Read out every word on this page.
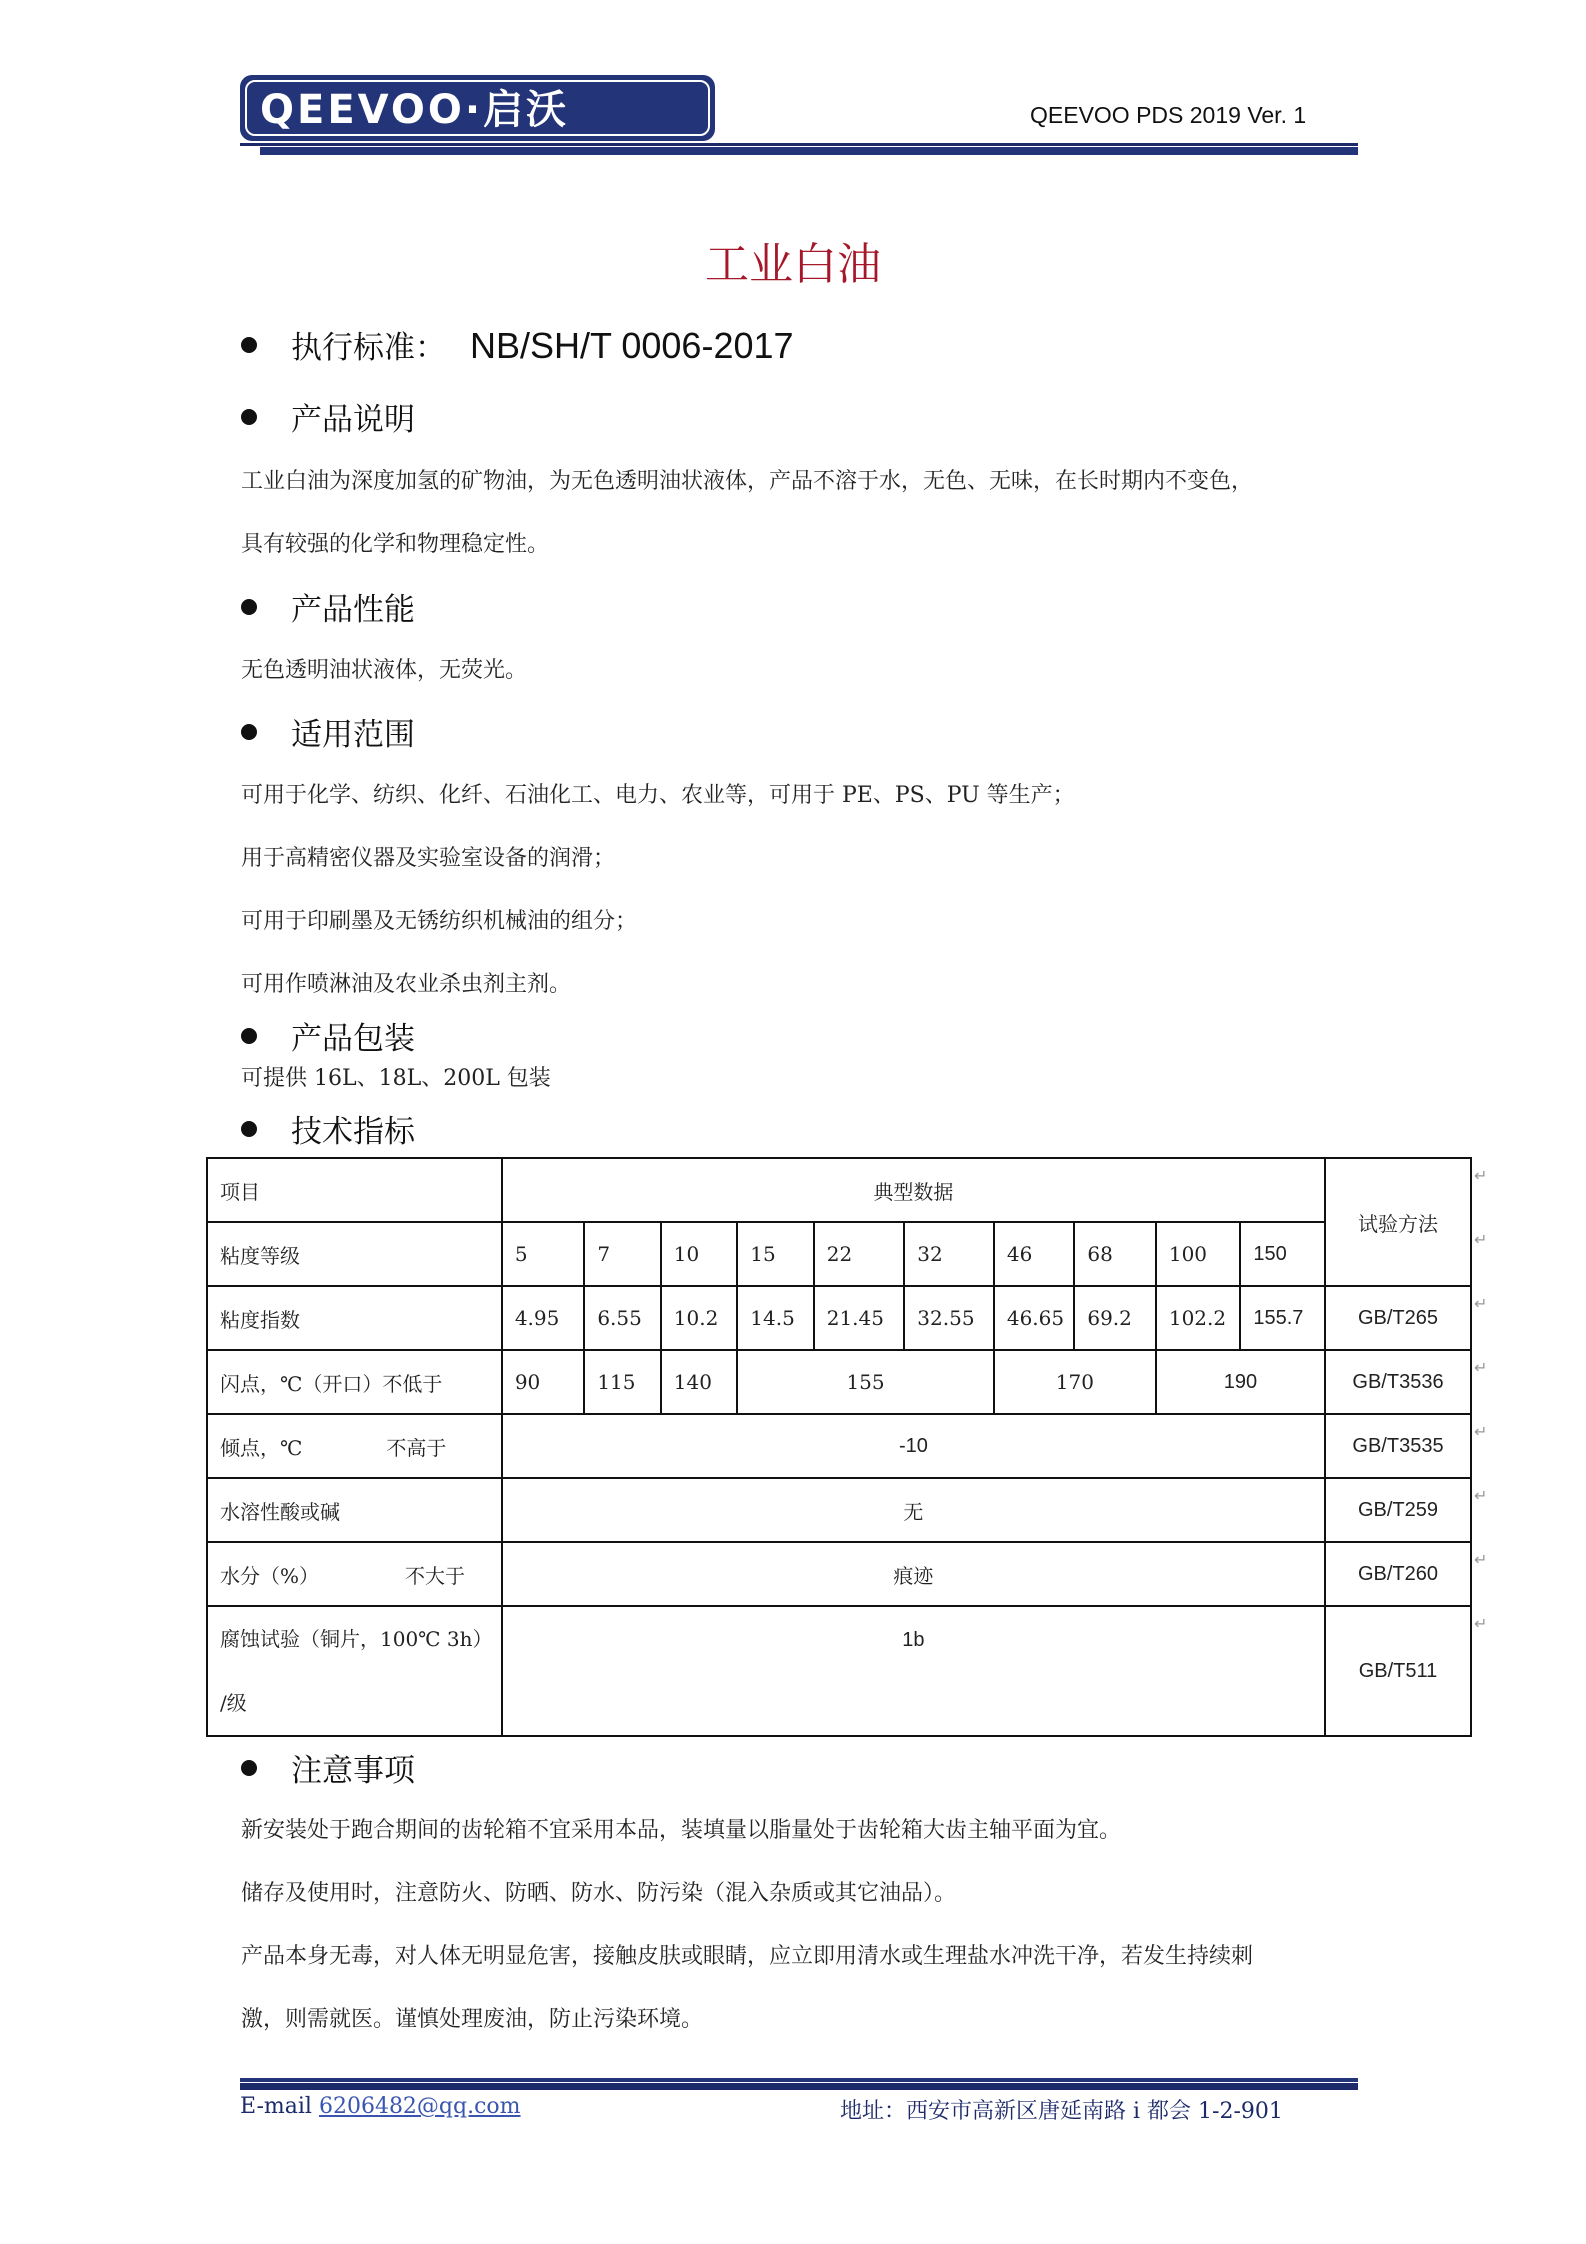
QEEVOO·启沃	QEEVOO PDS 2019 Ver. 1
工业白油
执行标准： NB/SH/T 0006-2017
产品说明
工业白油为深度加氢的矿物油，为无色透明油状液体，产品不溶于水，无色、无味，在长时期内不变色，
具有较强的化学和物理稳定性。
产品性能
无色透明油状液体，无荧光。
适用范围
可用于化学、纺织、化纤、石油化工、电力、农业等，可用于 PE、PS、PU 等生产；
用于高精密仪器及实验室设备的润滑；
可用于印刷墨及无锈纺织机械油的组分；
可用作喷淋油及农业杀虫剂主剂。
产品包装
可提供 16L、18L、200L 包装
技术指标
项目	典型数据										试验方法
粘度等级	5	7	10	15	22	32	46	68	100	150	
粘度指数	4.95	6.55	10.2	14.5	21.45	32.55	46.65	69.2	102.2	155.7	GB/T265
闪点，℃（开口）不低于	90	115	140	155			170		190		GB/T3536
倾点，℃ 不高于	-10										GB/T3535
水溶性酸或碱	无										GB/T259
水分（%） 不大于	痕迹										GB/T260

腐蚀试验（铜片，100℃ 3h）
/级	1b										GB/T511
↵
↵
↵
↵
↵
↵
↵
↵
注意事项
新安装处于跑合期间的齿轮箱不宜采用本品，装填量以脂量处于齿轮箱大齿主轴平面为宜。
储存及使用时，注意防火、防晒、防水、防污染（混入杂质或其它油品）。
产品本身无毒，对人体无明显危害，接触皮肤或眼睛，应立即用清水或生理盐水冲洗干净，若发生持续刺
激，则需就医。谨慎处理废油，防止污染环境。
E-mail 6206482@qq.com	地址：西安市高新区唐延南路 i 都会 1-2-901
